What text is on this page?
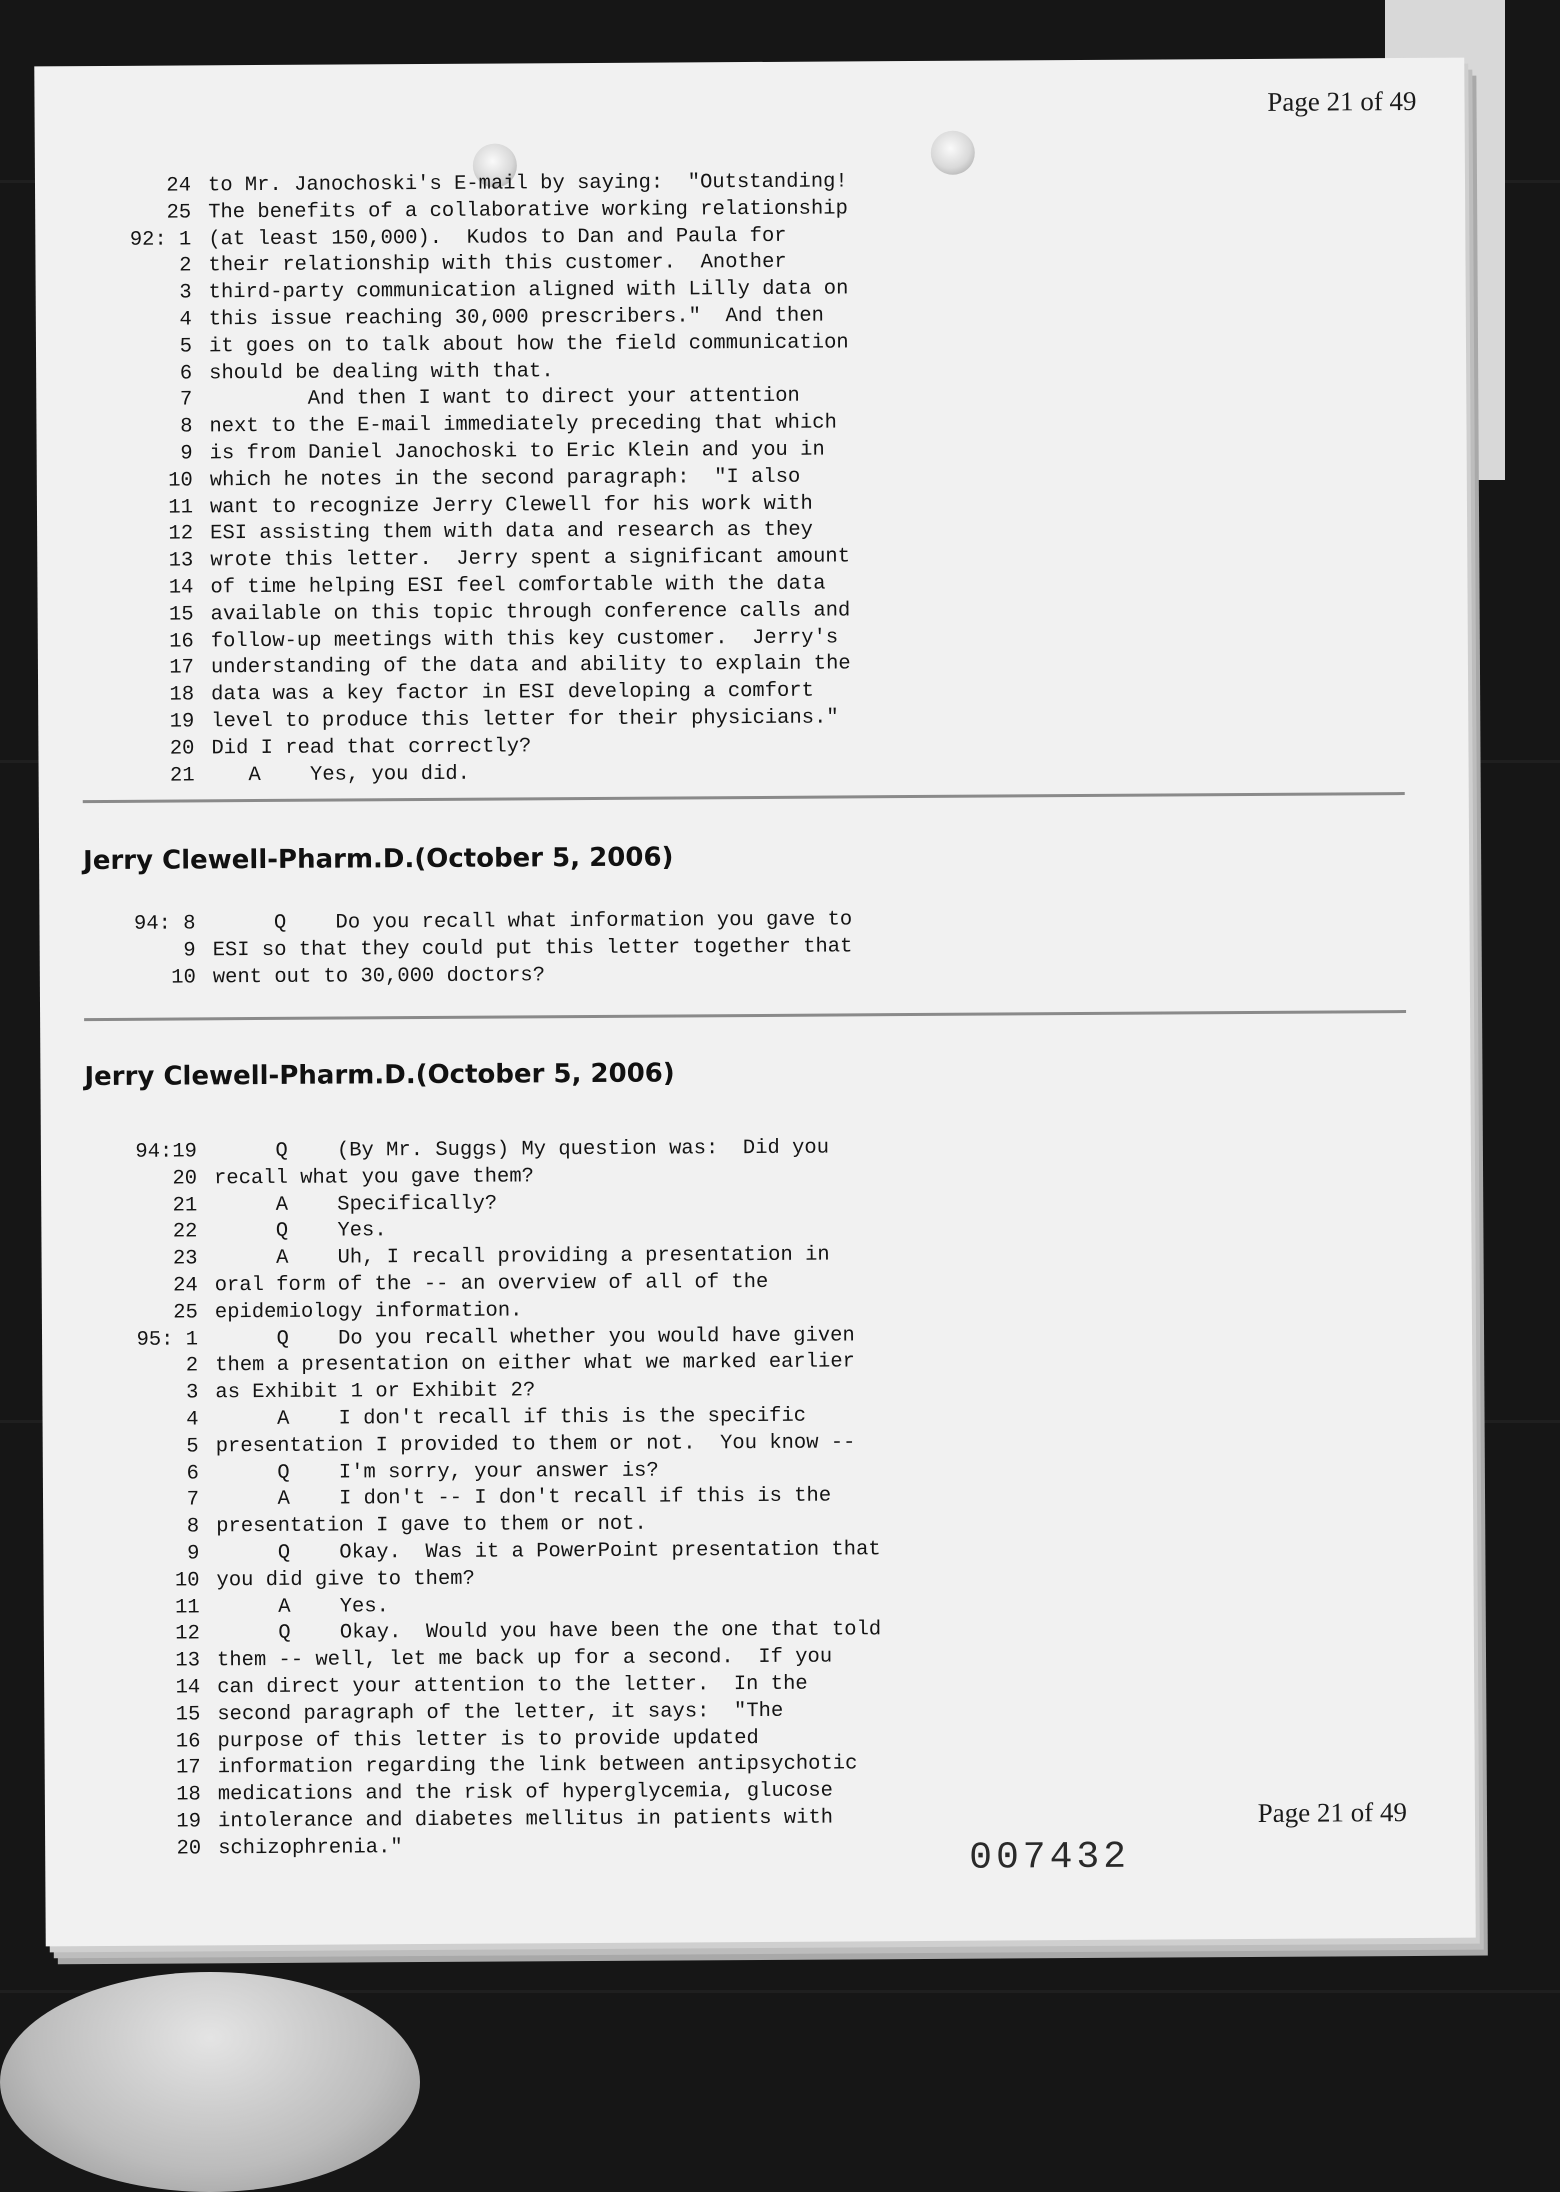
Page 21 of 49
24 to Mr. Janochoski's E-mail by saying:  "Outstanding!
25 The benefits of a collaborative working relationship
92: 1 (at least 150,000).  Kudos to Dan and Paula for
2 their relationship with this customer.  Another
3 third-party communication aligned with Lilly data on
4 this issue reaching 30,000 prescribers."  And then
5 it goes on to talk about how the field communication
6 should be dealing with that.
7 And then I want to direct your attention
8 next to the E-mail immediately preceding that which
9 is from Daniel Janochoski to Eric Klein and you in
10 which he notes in the second paragraph:  "I also
11 want to recognize Jerry Clewell for his work with
12 ESI assisting them with data and research as they
13 wrote this letter.  Jerry spent a significant amount
14 of time helping ESI feel comfortable with the data
15 available on this topic through conference calls and
16 follow-up meetings with this key customer.  Jerry's
17 understanding of the data and ability to explain the
18 data was a key factor in ESI developing a comfort
19 level to produce this letter for their physicians."
20 Did I read that correctly?
21 A    Yes, you did.
Jerry Clewell-Pharm.D.(October 5, 2006)
94: 8 Q    Do you recall what information you gave to
9 ESI so that they could put this letter together that
10 went out to 30,000 doctors?
Jerry Clewell-Pharm.D.(October 5, 2006)
94:19 Q    (By Mr. Suggs) My question was:  Did you
20 recall what you gave them?
21 A    Specifically?
22 Q    Yes.
23 A    Uh, I recall providing a presentation in
24 oral form of the -- an overview of all of the
25 epidemiology information.
95: 1 Q    Do you recall whether you would have given
2 them a presentation on either what we marked earlier
3 as Exhibit 1 or Exhibit 2?
4 A    I don't recall if this is the specific
5 presentation I provided to them or not.  You know --
6 Q    I'm sorry, your answer is?
7 A    I don't -- I don't recall if this is the
8 presentation I gave to them or not.
9 Q    Okay.  Was it a PowerPoint presentation that
10 you did give to them?
11 A    Yes.
12 Q    Okay.  Would you have been the one that told
13 them -- well, let me back up for a second.  If you
14 can direct your attention to the letter.  In the
15 second paragraph of the letter, it says:  "The
16 purpose of this letter is to provide updated
17 information regarding the link between antipsychotic
18 medications and the risk of hyperglycemia, glucose
19 intolerance and diabetes mellitus in patients with
20 schizophrenia."	007432
Page 21 of 49
